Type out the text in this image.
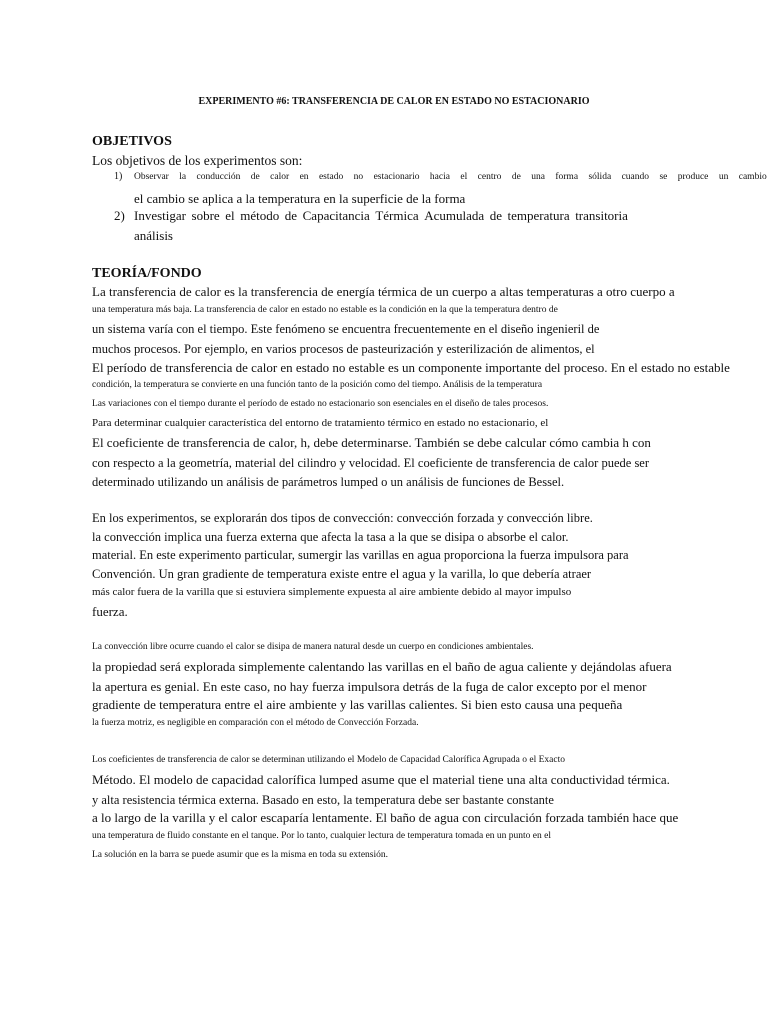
EXPERIMENTO #6: TRANSFERENCIA DE CALOR EN ESTADO NO ESTACIONARIO
OBJETIVOS
Los objetivos de los experimentos son:
1) Observar la conducción de calor en estado no estacionario hacia el centro de una forma sólida cuando se produce un cambio
el cambio se aplica a la temperatura en la superficie de la forma
2) Investigar sobre el método de Capacitancia Térmica Acumulada de temperatura transitoria
análisis
TEORÍA/FONDO
La transferencia de calor es la transferencia de energía térmica de un cuerpo a altas temperaturas a otro cuerpo a
una temperatura más baja. La transferencia de calor en estado no estable es la condición en la que la temperatura dentro de
un sistema varía con el tiempo. Este fenómeno se encuentra frecuentemente en el diseño ingenieril de
muchos procesos. Por ejemplo, en varios procesos de pasteurización y esterilización de alimentos, el
El período de transferencia de calor en estado no estable es un componente importante del proceso. En el estado no estable
condición, la temperatura se convierte en una función tanto de la posición como del tiempo. Análisis de la temperatura
Las variaciones con el tiempo durante el período de estado no estacionario son esenciales en el diseño de tales procesos.
Para determinar cualquier característica del entorno de tratamiento térmico en estado no estacionario, el
El coeficiente de transferencia de calor, h, debe determinarse. También se debe calcular cómo cambia h con
con respecto a la geometría, material del cilindro y velocidad. El coeficiente de transferencia de calor puede ser
determinado utilizando un análisis de parámetros lumped o un análisis de funciones de Bessel.
En los experimentos, se explorarán dos tipos de convección: convección forzada y convección libre.
la convección implica una fuerza externa que afecta la tasa a la que se disipa o absorbe el calor.
material. En este experimento particular, sumergir las varillas en agua proporciona la fuerza impulsora para
Convención. Un gran gradiente de temperatura existe entre el agua y la varilla, lo que debería atraer
más calor fuera de la varilla que si estuviera simplemente expuesta al aire ambiente debido al mayor impulso
fuerza.
La convección libre ocurre cuando el calor se disipa de manera natural desde un cuerpo en condiciones ambientales.
la propiedad será explorada simplemente calentando las varillas en el baño de agua caliente y dejándolas afuera
la apertura es genial. En este caso, no hay fuerza impulsora detrás de la fuga de calor excepto por el menor
gradiente de temperatura entre el aire ambiente y las varillas calientes. Si bien esto causa una pequeña
la fuerza motriz, es negligible en comparación con el método de Convección Forzada.
Los coeficientes de transferencia de calor se determinan utilizando el Modelo de Capacidad Calorífica Agrupada o el Exacto
Método. El modelo de capacidad calorífica lumped asume que el material tiene una alta conductividad térmica.
y alta resistencia térmica externa. Basado en esto, la temperatura debe ser bastante constante
a lo largo de la varilla y el calor escaparía lentamente. El baño de agua con circulación forzada también hace que
una temperatura de fluido constante en el tanque. Por lo tanto, cualquier lectura de temperatura tomada en un punto en el
La solución en la barra se puede asumir que es la misma en toda su extensión.
